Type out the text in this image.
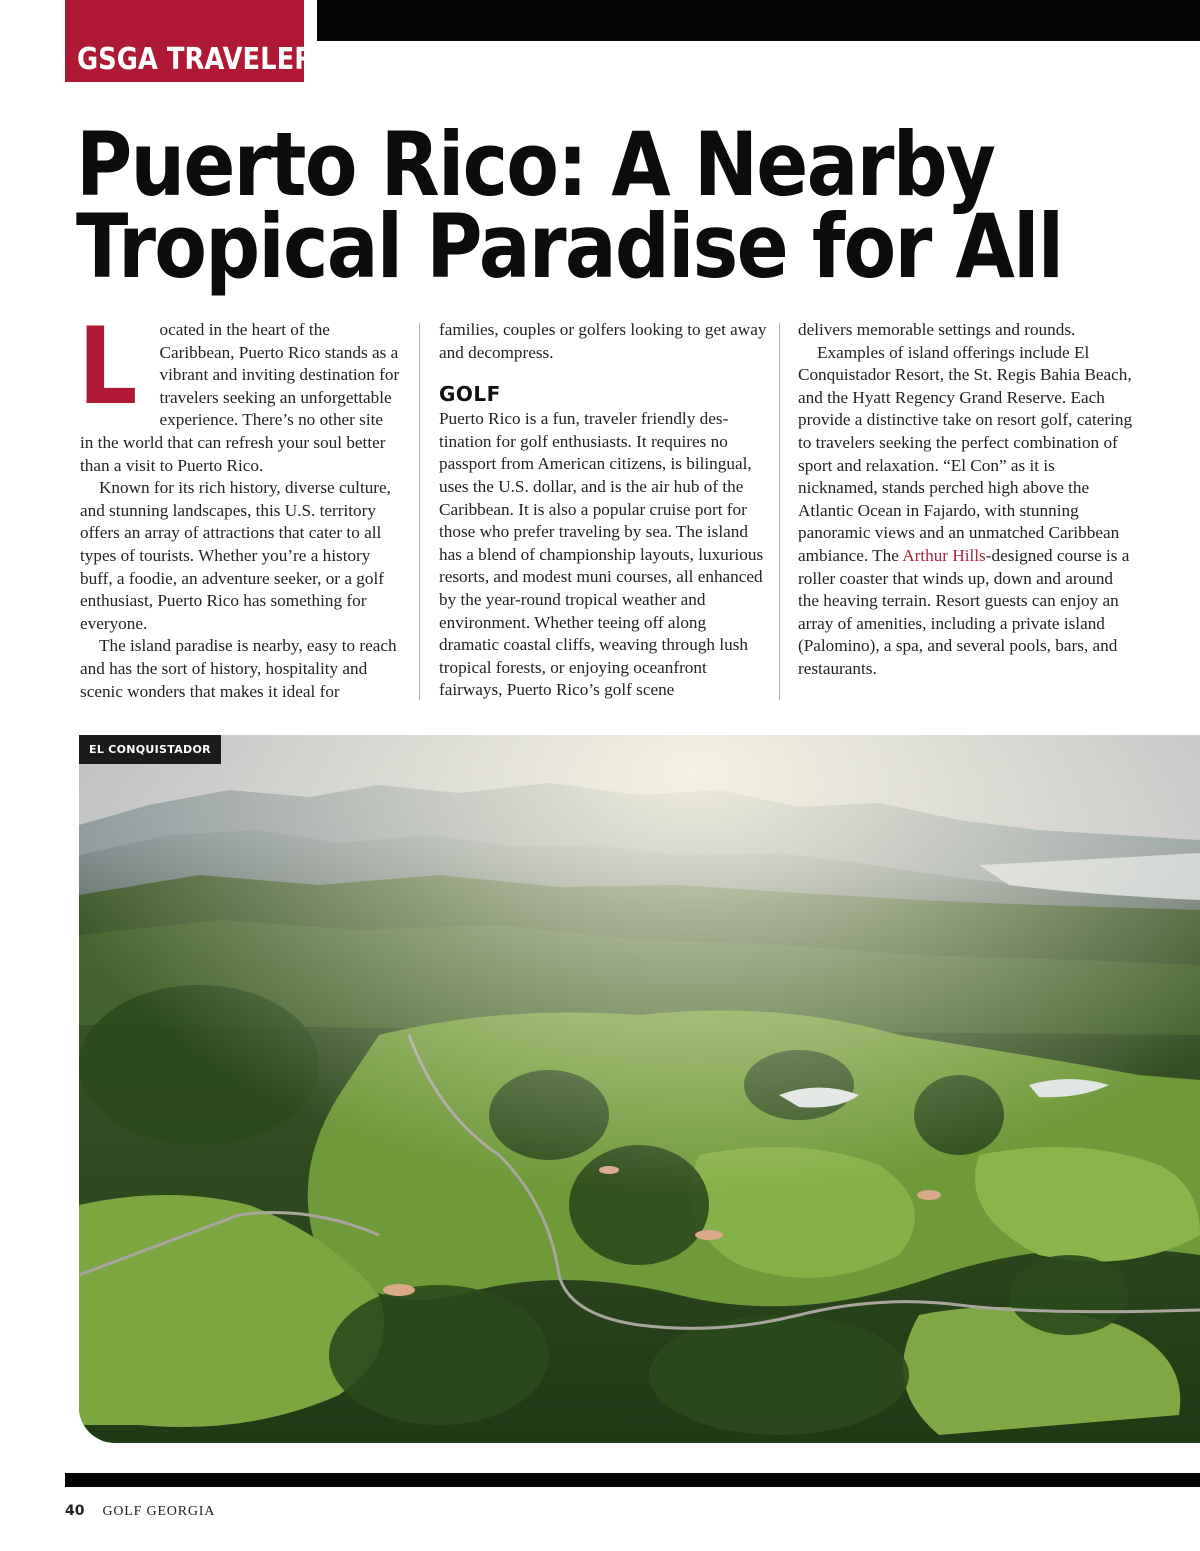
GSGA TRAVELER
Puerto Rico: A Nearby
Tropical Paradise for All

L ocated in the heart of the Caribbean, Puerto Rico stands as a vibrant and inviting destination for travelers seeking an unforgettable experience. There’s no other site in the world that can refresh your soul better than a visit to Puerto Rico.

Known for its rich history, diverse culture, and stunning landscapes, this U.S. territory offers an array of attractions that cater to all types of tourists. Whether you’re a history buff, a foodie, an adventure seeker, or a golf enthusiast, Puerto Rico has something for everyone.

The island paradise is nearby, easy to reach and has the sort of history, hospitality and scenic wonders that makes it ideal for

families, couples or golfers looking to get away and decompress.

GOLF

Puerto Rico is a fun, traveler friendly destination for golf enthusiasts. It requires no passport from American citizens, is bilingual, uses the U.S. dollar, and is the air hub of the Caribbean. It is also a popular cruise port for those who prefer traveling by sea. The island has a blend of championship layouts, luxurious resorts, and modest muni courses, all enhanced by the year-round tropical weather and environment. Whether teeing off along dramatic coastal cliffs, weaving through lush tropical forests, or enjoying oceanfront fairways, Puerto Rico’s golf scene

delivers memorable settings and rounds.

Examples of island offerings include El Conquistador Resort, the St. Regis Bahia Beach, and the Hyatt Regency Grand Reserve. Each provide a distinctive take on resort golf, catering to travelers seeking the perfect combination of sport and relaxation. “El Con” as it is nicknamed, stands perched high above the Atlantic Ocean in Fajardo, with stunning panoramic views and an unmatched Caribbean ambiance. The Arthur Hills-designed course is a roller coaster that winds up, down and around the heaving terrain. Resort guests can enjoy an array of amenities, including a private island (Palomino), a spa, and several pools, bars, and restaurants.

EL CONQUISTADOR
40 GOLF GEORGIA
